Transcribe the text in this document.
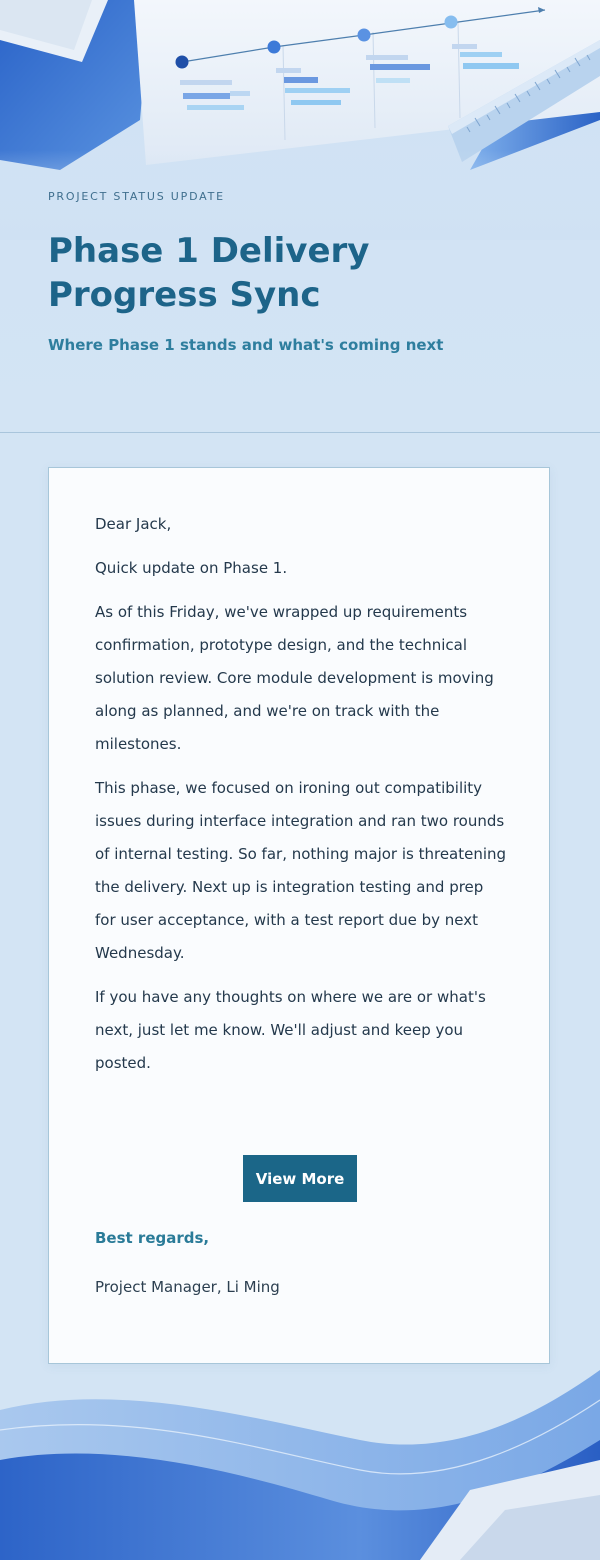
PROJECT STATUS UPDATE
Phase 1 Delivery Progress Sync
Where Phase 1 stands and what's coming next

Dear Jack,

Quick update on Phase 1.

As of this Friday, we've wrapped up requirements confirmation, prototype design, and the technical solution review. Core module development is moving along as planned, and we're on track with the milestones.

This phase, we focused on ironing out compatibility issues during interface integration and ran two rounds of internal testing. So far, nothing major is threatening the delivery. Next up is integration testing and prep for user acceptance, with a test report due by next Wednesday.

If you have any thoughts on where we are or what's next, just let me know. We'll adjust and keep you posted.

View More
Best regards,
Project Manager, Li Ming
